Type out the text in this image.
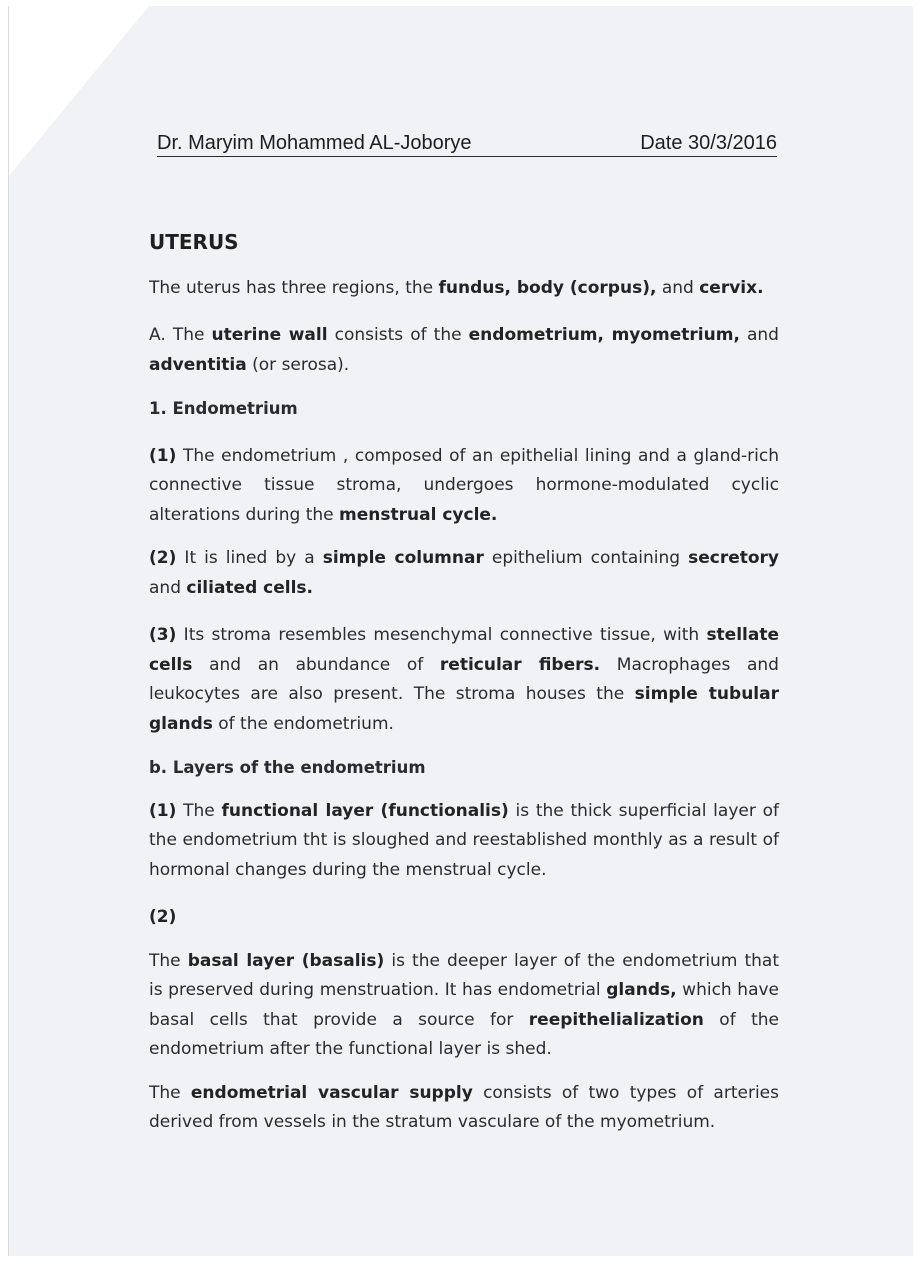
Dr. Maryim Mohammed AL-Joborye	Date 30/3/2016
UTERUS

The uterus has three regions, the fundus, body (corpus), and cervix.

A. The uterine wall consists of the endometrium, myometrium, and adventitia (or serosa).

1. Endometrium

(1) The endometrium , composed of an epithelial lining and a gland-rich connective tissue stroma, undergoes hormone-modulated cyclic alterations during the menstrual cycle.

(2) It is lined by a simple columnar epithelium containing secretory and ciliated cells.

(3) Its stroma resembles mesenchymal connective tissue, with stellate cells and an abundance of reticular fibers. Macrophages and leukocytes are also present. The stroma houses the simple tubular glands of the endometrium.

b. Layers of the endometrium

(1) The functional layer (functionalis) is the thick superficial layer of the endometrium tht is sloughed and reestablished monthly as a result of hormonal changes during the menstrual cycle.

(2)

The basal layer (basalis) is the deeper layer of the endometrium that is preserved during menstruation. It has endometrial glands, which have basal cells that provide a source for reepithelialization of the endometrium after the functional layer is shed.

The endometrial vascular supply consists of two types of arteries derived from vessels in the stratum vasculare of the myometrium.
